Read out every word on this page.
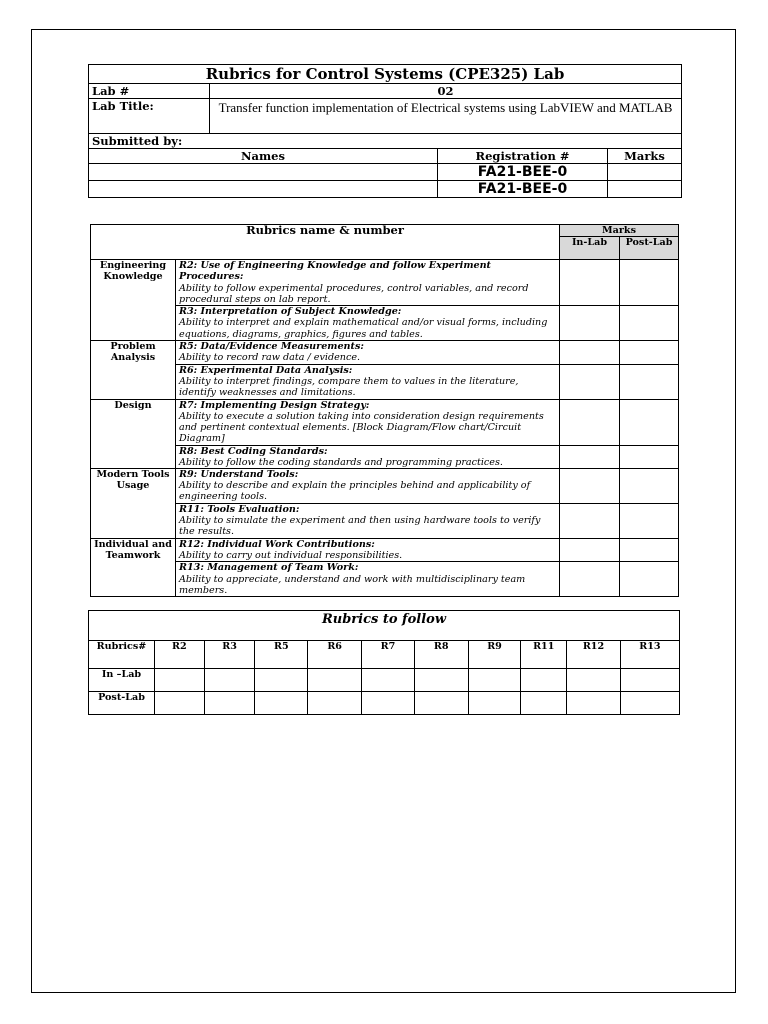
Rubrics for Control Systems (CPE325) Lab			
Lab #	02		
Lab Title:	Transfer function implementation of Electrical systems using LabVIEW and MATLAB		
Submitted by:			
Names		Registration #	Marks
		FA21-BEE-0	
		FA21-BEE-0	
Rubrics name & number		Marks	
		In-Lab	Post-Lab
Engineering Knowledge	R2: Use of Engineering Knowledge and follow Experiment Procedures:
Ability to follow experimental procedures, control variables, and record procedural steps on lab report.		

	R3: Interpretation of Subject Knowledge:
Ability to interpret and explain mathematical and/or visual forms, including equations, diagrams, graphics, figures and tables.		

Problem Analysis	R5: Data/Evidence Measurements:
Ability to record raw data / evidence.		

	R6: Experimental Data Analysis:
Ability to interpret findings, compare them to values in the literature, identify weaknesses and limitations.		

Design	R7: Implementing Design Strategy:
Ability to execute a solution taking into consideration design requirements and pertinent contextual elements. [Block Diagram/Flow chart/Circuit Diagram]		

	R8: Best Coding Standards:
Ability to follow the coding standards and programming practices.		

Modern Tools Usage	R9: Understand Tools:
Ability to describe and explain the principles behind and applicability of engineering tools.		

	R11: Tools Evaluation:
Ability to simulate the experiment and then using hardware tools to verify the results.		

Individual and Teamwork	R12: Individual Work Contributions:
Ability to carry out individual responsibilities.		

	R13: Management of Team Work:
Ability to appreciate, understand and work with multidisciplinary team members.		

Rubrics to follow										
Rubrics#	R2	R3	R5	R6	R7	R8	R9	R11	R12	R13
In –Lab										
Post-Lab										
